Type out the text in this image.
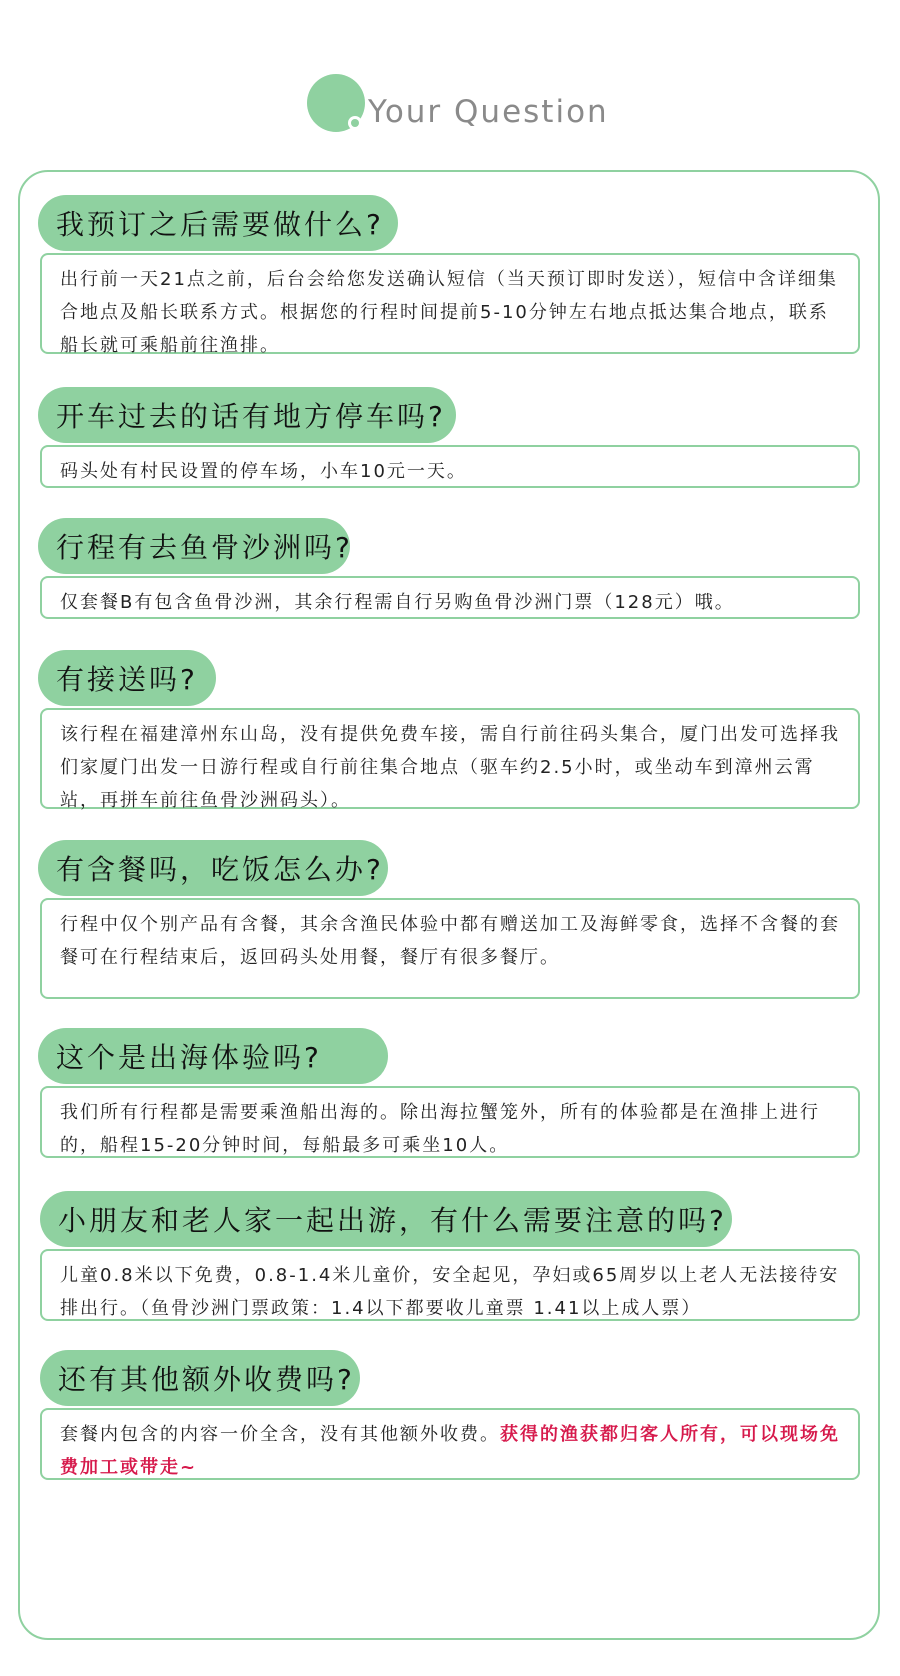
Your Question
我预订之后需要做什么?
出行前一天21点之前，后台会给您发送确认短信（当天预订即时发送），短信中含详细集合地点及船长联系方式。根据您的行程时间提前5-10分钟左右地点抵达集合地点，联系船长就可乘船前往渔排。
开车过去的话有地方停车吗?
码头处有村民设置的停车场，小车10元一天。
行程有去鱼骨沙洲吗?
仅套餐B有包含鱼骨沙洲，其余行程需自行另购鱼骨沙洲门票（128元）哦。
有接送吗?
该行程在福建漳州东山岛，没有提供免费车接，需自行前往码头集合，厦门出发可选择我们家厦门出发一日游行程或自行前往集合地点（驱车约2.5小时，或坐动车到漳州云霄站，再拼车前往鱼骨沙洲码头）。
有含餐吗，吃饭怎么办?
行程中仅个别产品有含餐，其余含渔民体验中都有赠送加工及海鲜零食，选择不含餐的套餐可在行程结束后，返回码头处用餐，餐厅有很多餐厅。
这个是出海体验吗?
我们所有行程都是需要乘渔船出海的。除出海拉蟹笼外，所有的体验都是在渔排上进行的，船程15-20分钟时间，每船最多可乘坐10人。
小朋友和老人家一起出游，有什么需要注意的吗?
儿童0.8米以下免费，0.8-1.4米儿童价，安全起见，孕妇或65周岁以上老人无法接待安排出行。（鱼骨沙洲门票政策：1.4以下都要收儿童票 1.41以上成人票）
还有其他额外收费吗?
套餐内包含的内容一价全含，没有其他额外收费。获得的渔获都归客人所有，可以现场免费加工或带走~
